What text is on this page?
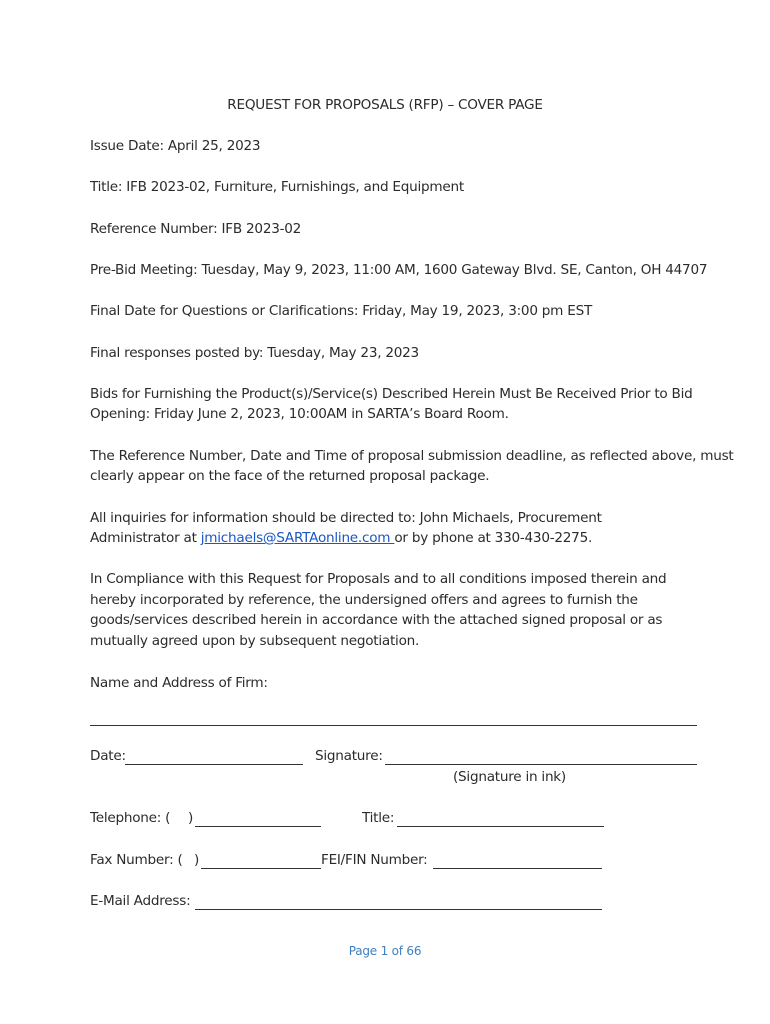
REQUEST FOR PROPOSALS (RFP) – COVER PAGE
Issue Date: April 25, 2023
Title: IFB 2023-02, Furniture, Furnishings, and Equipment
Reference Number: IFB 2023-02
Pre-Bid Meeting: Tuesday, May 9, 2023, 11:00 AM, 1600 Gateway Blvd. SE, Canton, OH 44707
Final Date for Questions or Clarifications: Friday, May 19, 2023, 3:00 pm EST
Final responses posted by: Tuesday, May 23, 2023
Bids for Furnishing the Product(s)/Service(s) Described Herein Must Be Received Prior to Bid
Opening: Friday June 2, 2023, 10:00AM in SARTA’s Board Room.
The Reference Number, Date and Time of proposal submission deadline, as reflected above, must
clearly appear on the face of the returned proposal package.
All inquiries for information should be directed to: John Michaels, Procurement
Administrator at jmichaels@SARTAonline.com or by phone at 330-430-2275.
In Compliance with this Request for Proposals and to all conditions imposed therein and
hereby incorporated by reference, the undersigned offers and agrees to furnish the
goods/services described herein in accordance with the attached signed proposal or as
mutually agreed upon by subsequent negotiation.
Name and Address of Firm:
Date:	Signature:
(Signature in ink)
Telephone: ( )	Title:
Fax Number: ( )	FEI/FIN Number:
E-Mail Address:
Page 1 of 66
